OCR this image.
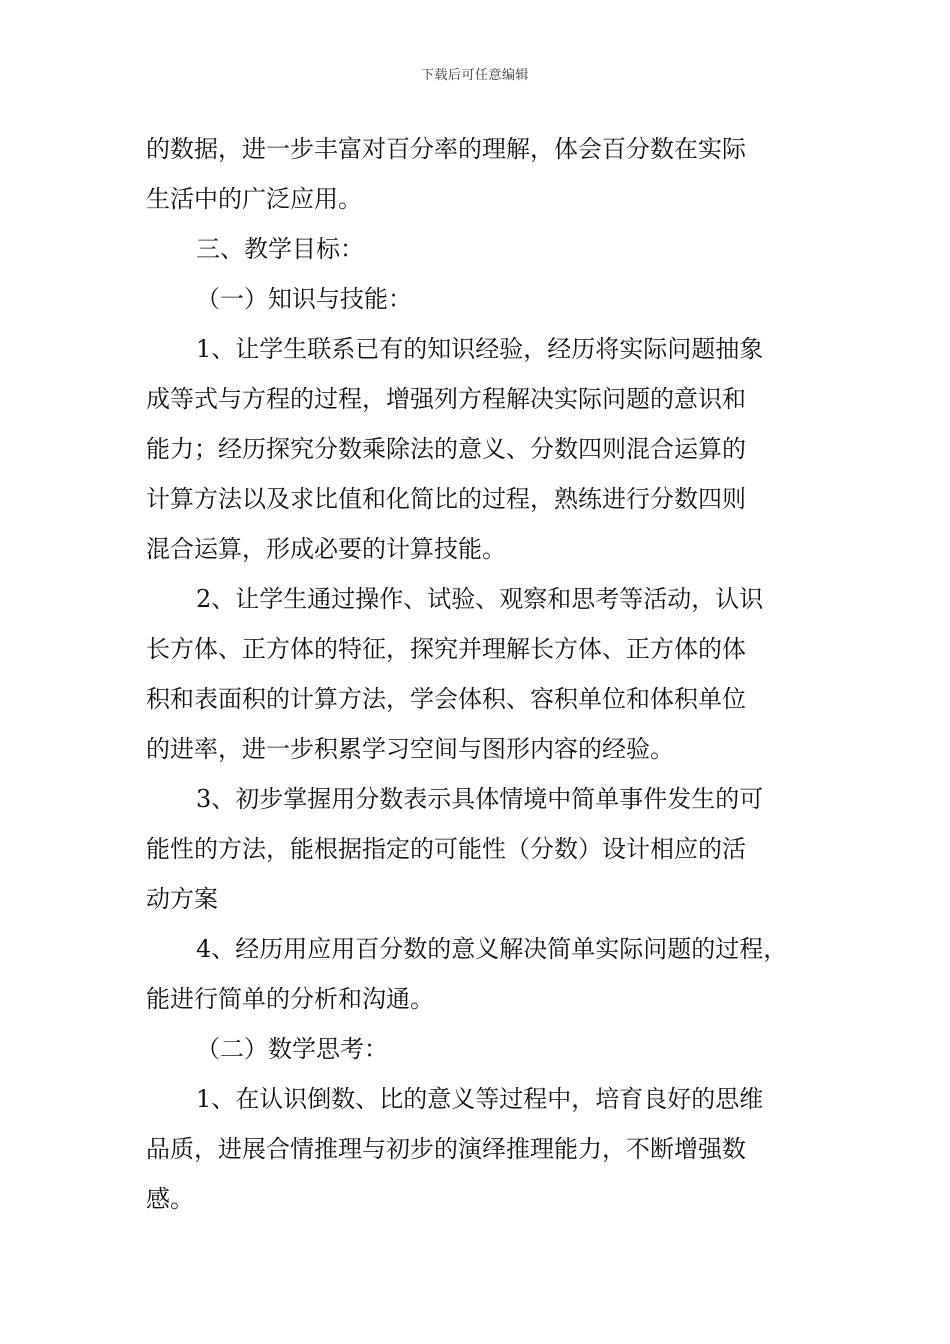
下载后可任意编辑
的数据，进一步丰富对百分率的理解，体会百分数在实际
生活中的广泛应用。
三、教学目标：
（一）知识与技能：
1、让学生联系已有的知识经验，经历将实际问题抽象
成等式与方程的过程，增强列方程解决实际问题的意识和
能力；经历探究分数乘除法的意义、分数四则混合运算的
计算方法以及求比值和化简比的过程，熟练进行分数四则
混合运算，形成必要的计算技能。
2、让学生通过操作、试验、观察和思考等活动，认识
长方体、正方体的特征，探究并理解长方体、正方体的体
积和表面积的计算方法，学会体积、容积单位和体积单位
的进率，进一步积累学习空间与图形内容的经验。
3、初步掌握用分数表示具体情境中简单事件发生的可
能性的方法，能根据指定的可能性（分数）设计相应的活
动方案
4、经历用应用百分数的意义解决简单实际问题的过程，
能进行简单的分析和沟通。
（二）数学思考：
1、在认识倒数、比的意义等过程中，培育良好的思维
品质，进展合情推理与初步的演绎推理能力，不断增强数
感。
